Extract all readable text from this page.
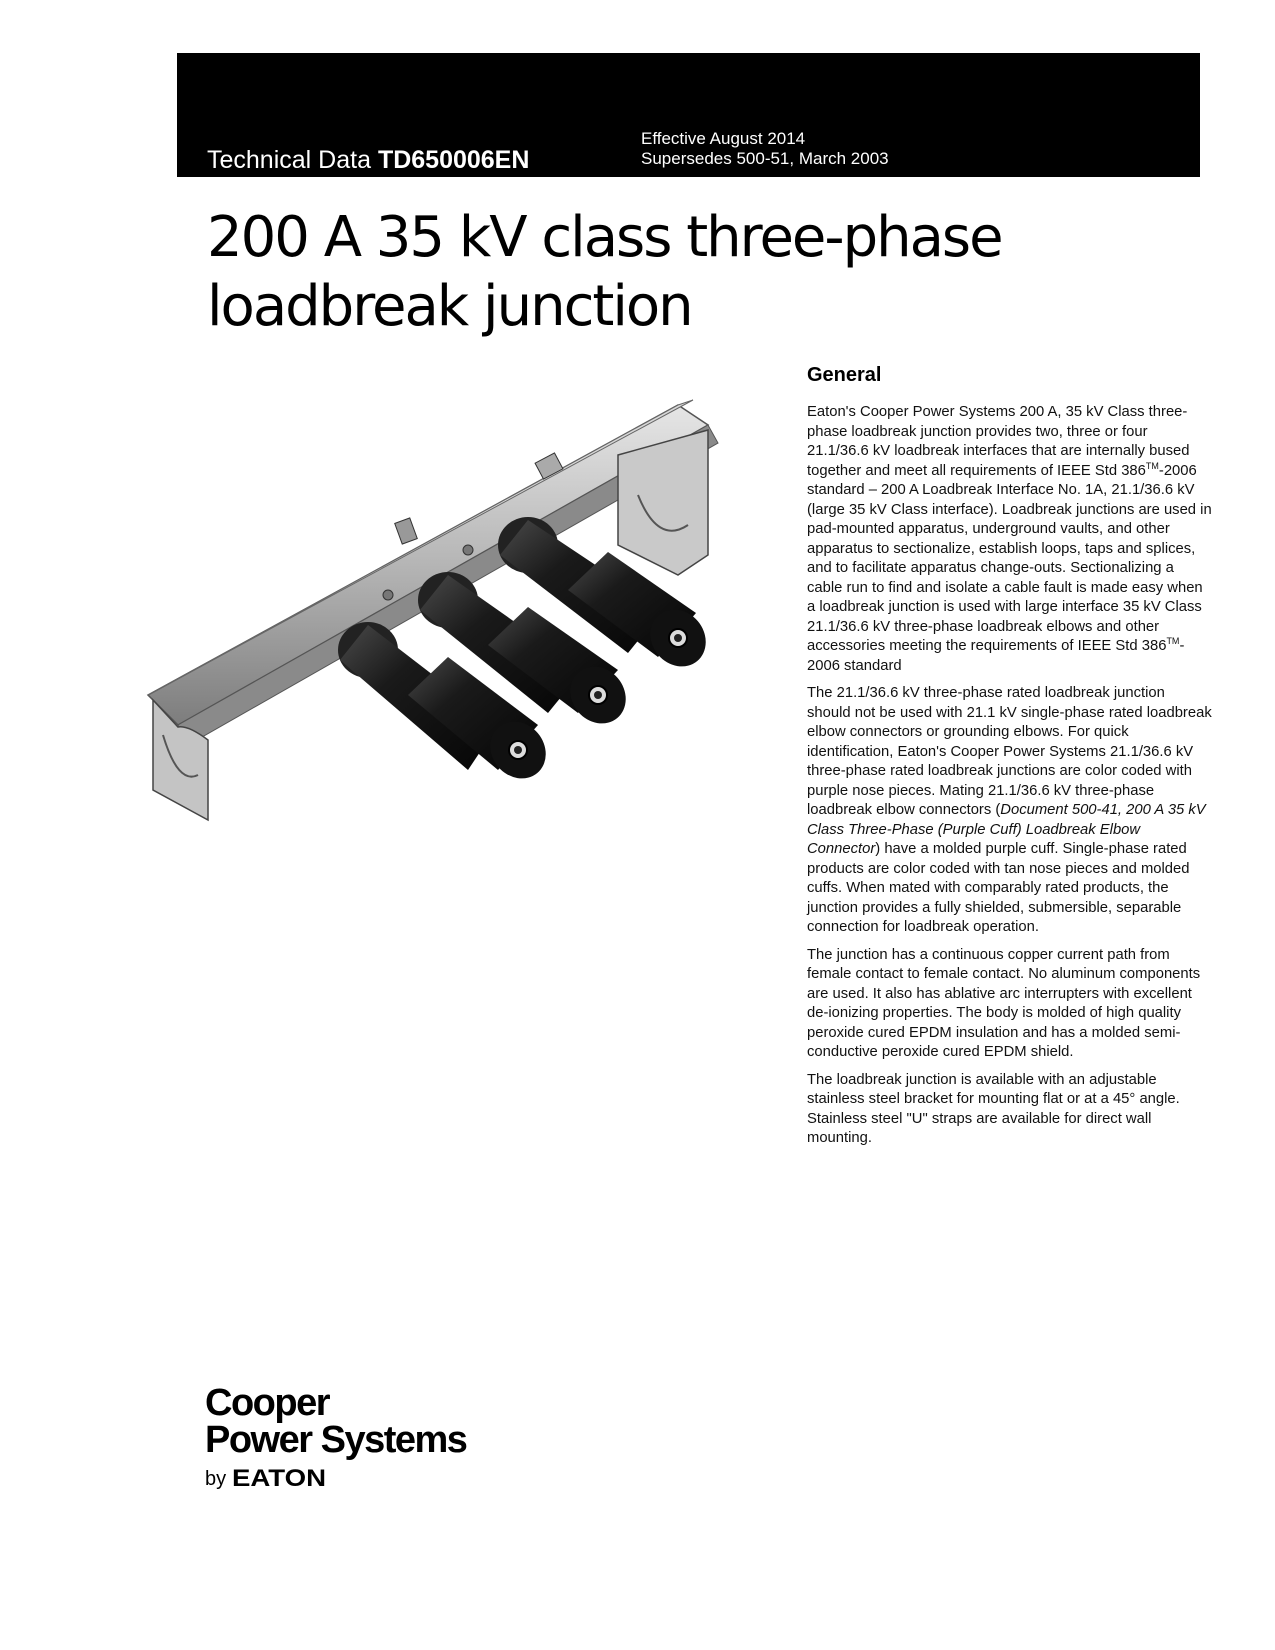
Technical Data TD650006EN
Effective August 2014
Supersedes 500-51, March 2003
200 A 35 kV class three-phase
loadbreak junction
General

Eaton's Cooper Power Systems 200 A, 35 kV Class three-phase loadbreak junction provides two, three or four 21.1/36.6 kV loadbreak interfaces that are internally bused together and meet all requirements of IEEE Std 386™-2006 standard – 200 A Loadbreak Interface No. 1A, 21.1/36.6 kV (large 35 kV Class interface). Loadbreak junctions are used in pad-mounted apparatus, underground vaults, and other apparatus to sectionalize, establish loops, taps and splices, and to facilitate apparatus change-outs. Sectionalizing a cable run to find and isolate a cable fault is made easy when a loadbreak junction is used with large interface 35 kV Class 21.1/36.6 kV three-phase loadbreak elbows and other accessories meeting the requirements of IEEE Std 386™-2006 standard

The 21.1/36.6 kV three-phase rated loadbreak junction should not be used with 21.1 kV single-phase rated loadbreak elbow connectors or grounding elbows. For quick identification, Eaton's Cooper Power Systems 21.1/36.6 kV three-phase rated loadbreak junctions are color coded with purple nose pieces. Mating 21.1/36.6 kV three-phase loadbreak elbow connectors (Document 500-41, 200 A 35 kV Class Three-Phase (Purple Cuff) Loadbreak Elbow Connector) have a molded purple cuff. Single-phase rated products are color coded with tan nose pieces and molded cuffs. When mated with comparably rated products, the junction provides a fully shielded, submersible, separable connection for loadbreak operation.

The junction has a continuous copper current path from female contact to female contact. No aluminum components are used. It also has ablative arc interrupters with excellent de-ionizing properties. The body is molded of high quality peroxide cured EPDM insulation and has a molded semi-conductive peroxide cured EPDM shield.

The loadbreak junction is available with an adjustable stainless steel bracket for mounting flat or at a 45° angle. Stainless steel "U" straps are available for direct wall mounting.

Cooper
Power Systems
by EATON
